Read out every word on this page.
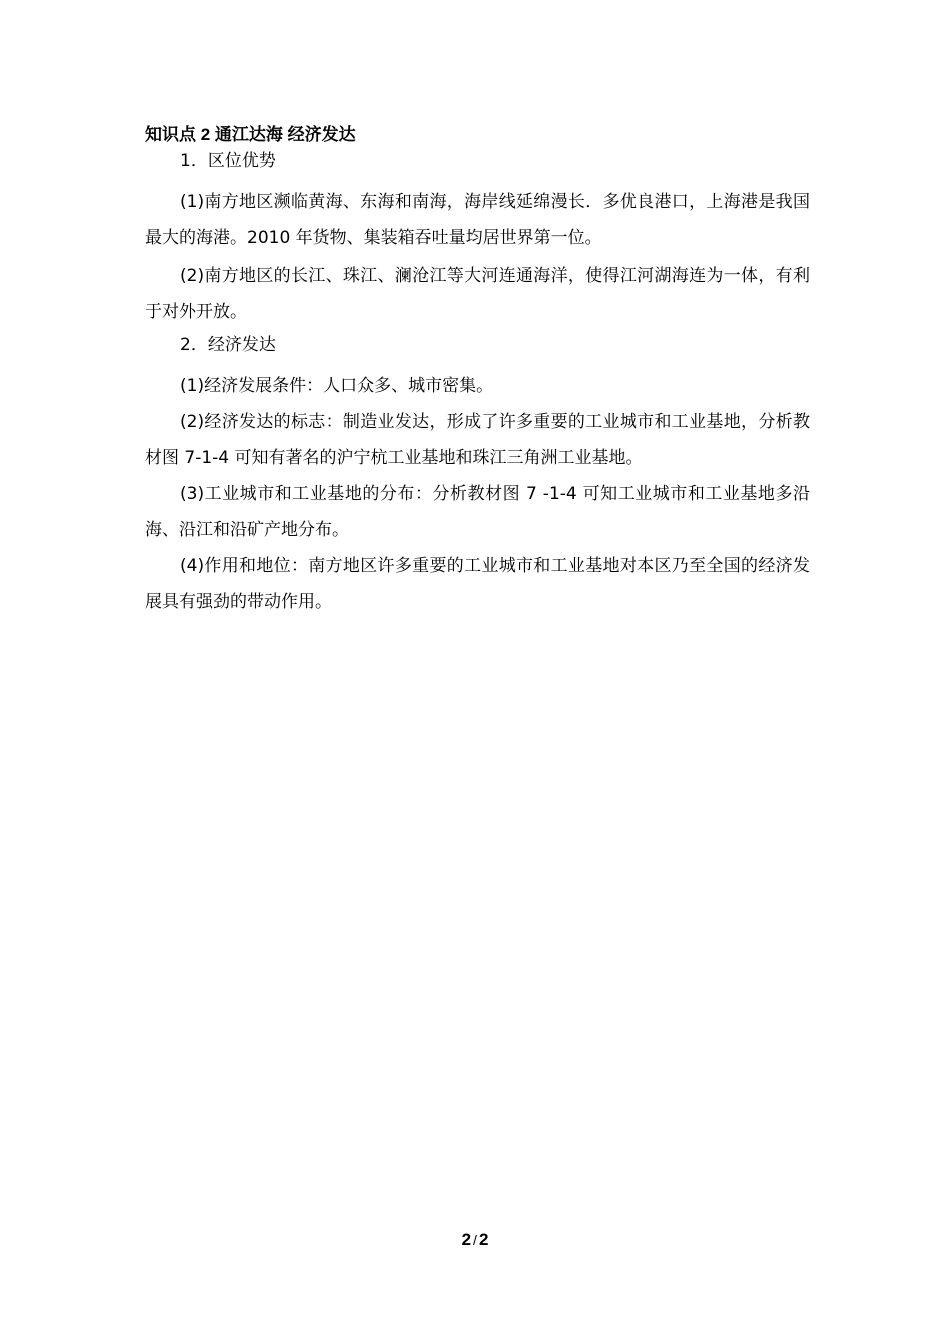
知识点 2 通江达海 经济发达

1．区位优势

(1)南方地区濒临黄海、东海和南海，海岸线延绵漫长．多优良港口，上海港是我国最大的海港。2010 年货物、集装箱吞吐量均居世界第一位。

(2)南方地区的长江、珠江、澜沧江等大河连通海洋，使得江河湖海连为一体，有利于对外开放。

2．经济发达

(1)经济发展条件：人口众多、城市密集。

(2)经济发达的标志：制造业发达，形成了许多重要的工业城市和工业基地，分析教材图 7-1-4 可知有著名的沪宁杭工业基地和珠江三角洲工业基地。

(3)工业城市和工业基地的分布：分析教材图 7 -1-4 可知工业城市和工业基地多沿海、沿江和沿矿产地分布。

(4)作用和地位：南方地区许多重要的工业城市和工业基地对本区乃至全国的经济发展具有强劲的带动作用。

2 / 2
